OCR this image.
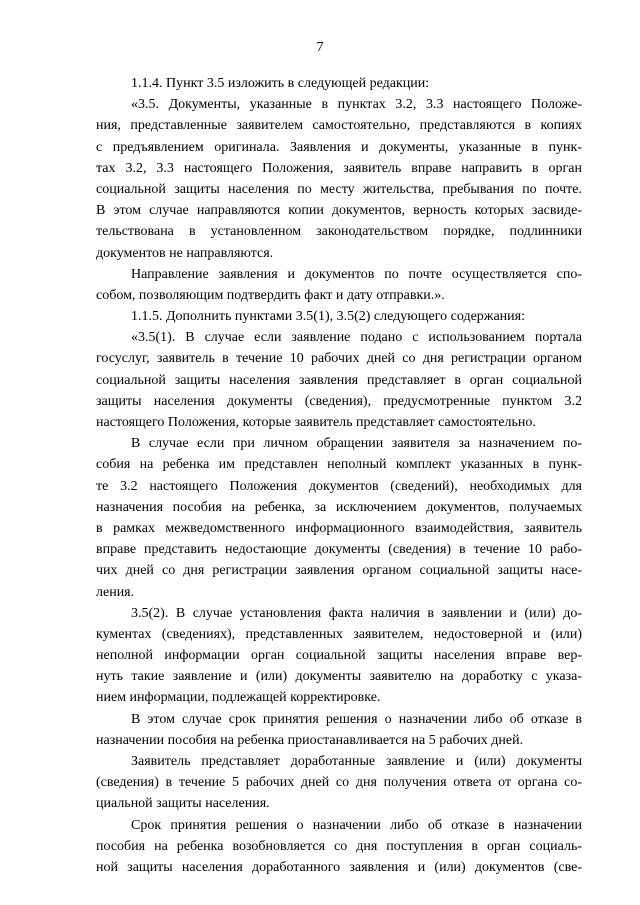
7
1.1.4. Пункт 3.5 изложить в следующей редакции:
«3.5. Документы, указанные в пунктах 3.2, 3.3 настоящего Положе-
ния, представленные заявителем самостоятельно, представляются в копиях
с предъявлением оригинала. Заявления и документы, указанные в пунк-
тах 3.2, 3.3 настоящего Положения, заявитель вправе направить в орган
социальной защиты населения по месту жительства, пребывания по почте.
В этом случае направляются копии документов, верность которых засвиде-
тельствована в установленном законодательством порядке, подлинники
документов не направляются.
Направление заявления и документов по почте осуществляется спо-
собом, позволяющим подтвердить факт и дату отправки.».
1.1.5. Дополнить пунктами 3.5(1), 3.5(2) следующего содержания:
«3.5(1). В случае если заявление подано с использованием портала
госуслуг, заявитель в течение 10 рабочих дней со дня регистрации органом
социальной защиты населения заявления представляет в орган социальной
защиты населения документы (сведения), предусмотренные пунктом 3.2
настоящего Положения, которые заявитель представляет самостоятельно.
В случае если при личном обращении заявителя за назначением по-
собия на ребенка им представлен неполный комплект указанных в пунк-
те 3.2 настоящего Положения документов (сведений), необходимых для
назначения пособия на ребенка, за исключением документов, получаемых
в рамках межведомственного информационного взаимодействия, заявитель
вправе представить недостающие документы (сведения) в течение 10 рабо-
чих дней со дня регистрации заявления органом социальной защиты насе-
ления.
3.5(2). В случае установления факта наличия в заявлении и (или) до-
кументах (сведениях), представленных заявителем, недостоверной и (или)
неполной информации орган социальной защиты населения вправе вер-
нуть такие заявление и (или) документы заявителю на доработку с указа-
нием информации, подлежащей корректировке.
В этом случае срок принятия решения о назначении либо об отказе в
назначении пособия на ребенка приостанавливается на 5 рабочих дней.
Заявитель представляет доработанные заявление и (или) документы
(сведения) в течение 5 рабочих дней со дня получения ответа от органа со-
циальной защиты населения.
Срок принятия решения о назначении либо об отказе в назначении
пособия на ребенка возобновляется со дня поступления в орган социаль-
ной защиты населения доработанного заявления и (или) документов (све-
